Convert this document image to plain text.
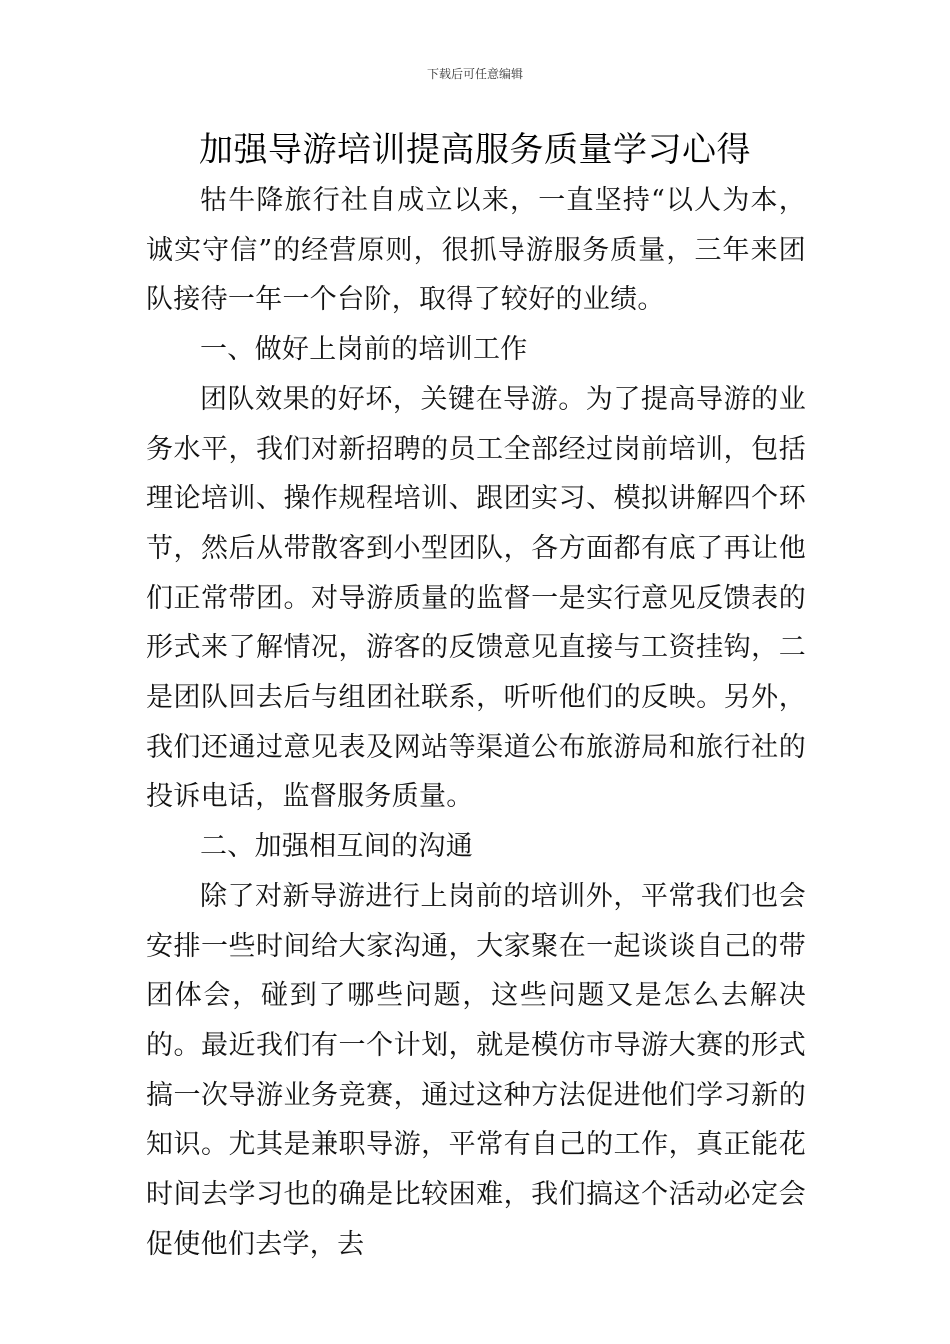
下载后可任意编辑
加强导游培训提高服务质量学习心得

牯牛降旅行社自成立以来，一直坚持“以人为本，诚实守信”的经营原则，很抓导游服务质量，三年来团队接待一年一个台阶，取得了较好的业绩。

一、做好上岗前的培训工作

团队效果的好坏，关键在导游。为了提高导游的业务水平，我们对新招聘的员工全部经过岗前培训，包括理论培训、操作规程培训、跟团实习、模拟讲解四个环节，然后从带散客到小型团队，各方面都有底了再让他们正常带团。对导游质量的监督一是实行意见反馈表的形式来了解情况，游客的反馈意见直接与工资挂钩，二是团队回去后与组团社联系，听听他们的反映。另外，我们还通过意见表及网站等渠道公布旅游局和旅行社的投诉电话，监督服务质量。

二、加强相互间的沟通

除了对新导游进行上岗前的培训外，平常我们也会安排一些时间给大家沟通，大家聚在一起谈谈自己的带团体会，碰到了哪些问题，这些问题又是怎么去解决的。最近我们有一个计划，就是模仿市导游大赛的形式搞一次导游业务竞赛，通过这种方法促进他们学习新的知识。尤其是兼职导游，平常有自己的工作，真正能花时间去学习也的确是比较困难，我们搞这个活动必定会促使他们去学，去
